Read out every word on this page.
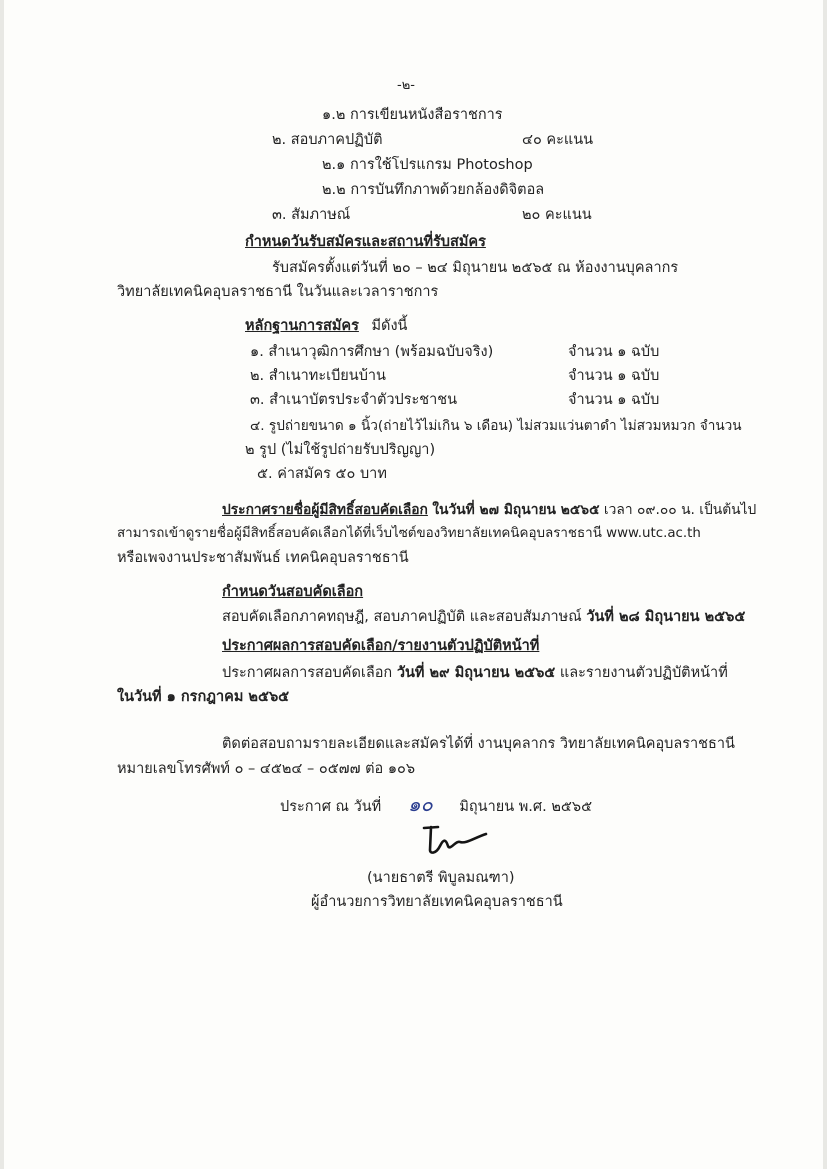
-๒-
๑.๒ การเขียนหนังสือราชการ
๒. สอบภาคปฏิบัติ	๔๐ คะแนน
๒.๑ การใช้โปรแกรม Photoshop
๒.๒ การบันทึกภาพด้วยกล้องดิจิตอล
๓. สัมภาษณ์	๒๐ คะแนน
กำหนดวันรับสมัครและสถานที่รับสมัคร
รับสมัครตั้งแต่วันที่ ๒๐ – ๒๔ มิถุนายน ๒๕๖๕ ณ ห้องงานบุคลากร
วิทยาลัยเทคนิคอุบลราชธานี ในวันและเวลาราชการ
หลักฐานการสมัคร มีดังนี้
๑. สำเนาวุฒิการศึกษา (พร้อมฉบับจริง)	จำนวน ๑ ฉบับ
๒. สำเนาทะเบียนบ้าน	จำนวน ๑ ฉบับ
๓. สำเนาบัตรประจำตัวประชาชน	จำนวน ๑ ฉบับ
๔. รูปถ่ายขนาด ๑ นิ้ว(ถ่ายไว้ไม่เกิน ๖ เดือน) ไม่สวมแว่นตาดำ ไม่สวมหมวก จำนวน
๒ รูป (ไม่ใช้รูปถ่ายรับปริญญา)
๕. ค่าสมัคร ๕๐ บาท
ประกาศรายชื่อผู้มีสิทธิ์สอบคัดเลือก ในวันที่ ๒๗ มิถุนายน ๒๕๖๕ เวลา ๐๙.๐๐ น. เป็นต้นไป
สามารถเข้าดูรายชื่อผู้มีสิทธิ์สอบคัดเลือกได้ที่เว็บไซต์ของวิทยาลัยเทคนิคอุบลราชธานี www.utc.ac.th
หรือเพจงานประชาสัมพันธ์ เทคนิคอุบลราชธานี
กำหนดวันสอบคัดเลือก
สอบคัดเลือกภาคทฤษฎี, สอบภาคปฏิบัติ และสอบสัมภาษณ์ วันที่ ๒๘ มิถุนายน ๒๕๖๕
ประกาศผลการสอบคัดเลือก/รายงานตัวปฏิบัติหน้าที่
ประกาศผลการสอบคัดเลือก วันที่ ๒๙ มิถุนายน ๒๕๖๕ และรายงานตัวปฏิบัติหน้าที่
ในวันที่ ๑ กรกฎาคม ๒๕๖๕
ติดต่อสอบถามรายละเอียดและสมัครได้ที่ งานบุคลากร วิทยาลัยเทคนิคอุบลราชธานี
หมายเลขโทรศัพท์ ๐ – ๔๕๒๔ – ๐๕๗๗ ต่อ ๑๐๖
ประกาศ ณ วันที่ ๑๐ มิถุนายน พ.ศ. ๒๕๖๕
(นายธาตรี พิบูลมณฑา)
ผู้อำนวยการวิทยาลัยเทคนิคอุบลราชธานี
